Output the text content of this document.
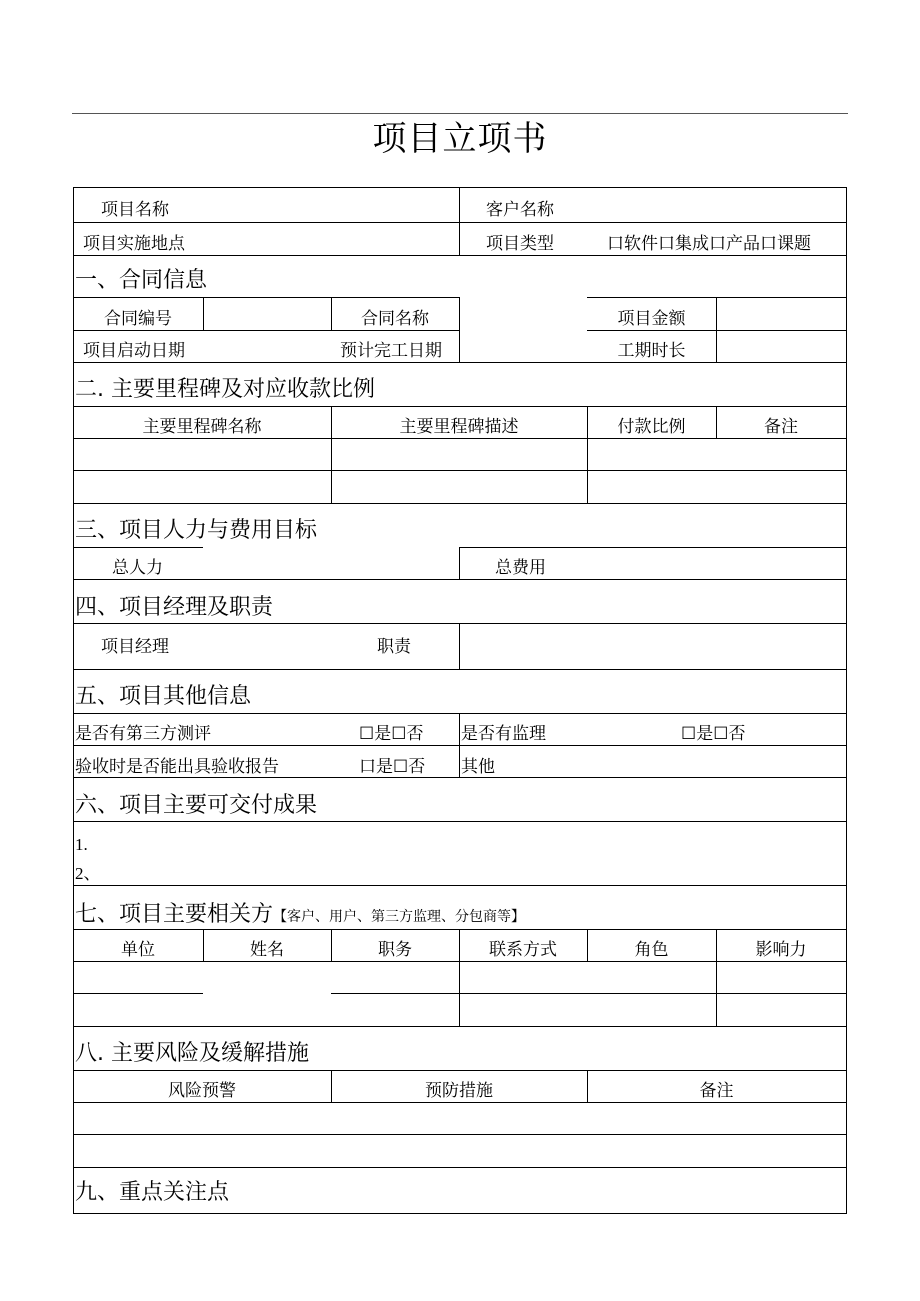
项目立项书
项目名称	客户名称
项目实施地点	项目类型	口软件口集成口产品口课题
一、合同信息
合同编号	合同名称	项目金额
项目启动日期	预计完工日期	工期时长
二. 主要里程碑及对应收款比例
主要里程碑名称	主要里程碑描述	付款比例	备注
三、项目人力与费用目标
总人力	总费用
四、项目经理及职责
项目经理	职责
五、项目其他信息
是否有第三方测评	☐是☐否 是否有监理	☐是☐否
验收时是否能出具验收报告	口是☐否 其他
六、项目主要可交付成果
1.
2、
七、项目主要相关方【客户、用户、第三方监理、分包商等】
单位	姓名	职务	联系方式	角色	影响力
八. 主要风险及缓解措施
风险预警	预防措施	备注
九、重点关注点
